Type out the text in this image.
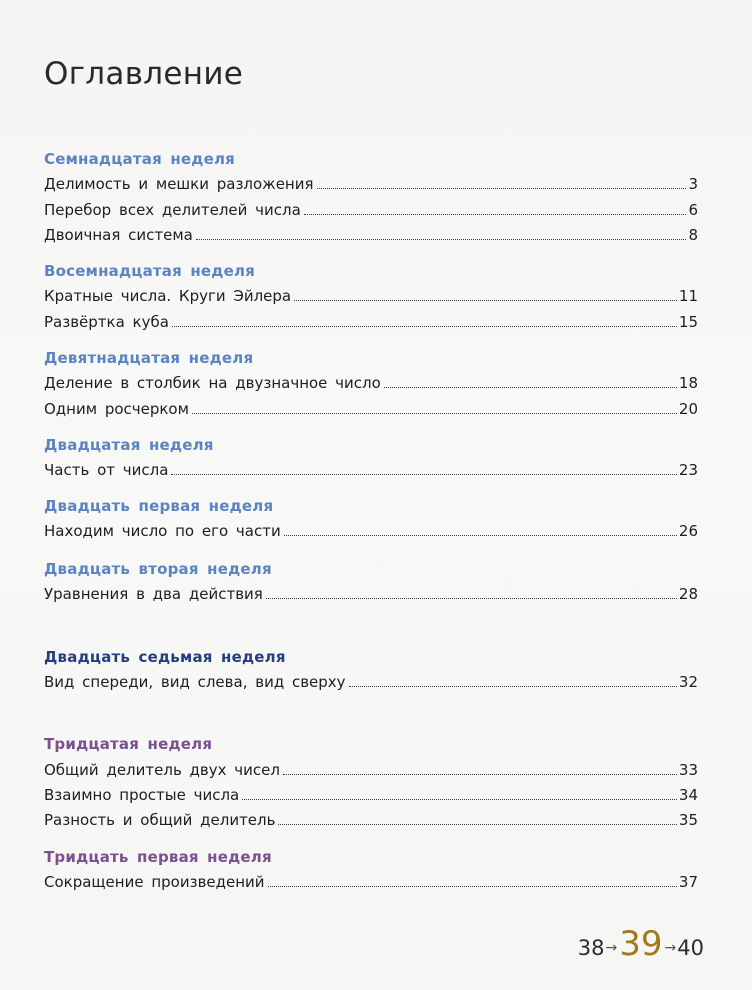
Оглавление
Семнадцатая неделя
Делимость и мешки разложения	3
Перебор всех делителей числа	6
Двоичная система	8
Восемнадцатая неделя
Кратные числа. Круги Эйлера	11
Развёртка куба	15
Девятнадцатая неделя
Деление в столбик на двузначное число	18
Одним росчерком	20
Двадцатая неделя
Часть от числа	23
Двадцать первая неделя
Находим число по его части	26
Двадцать вторая неделя
Уравнения в два действия	28
Двадцать седьмая неделя
Вид спереди, вид слева, вид сверху	32
Тридцатая неделя
Общий делитель двух чисел	33
Взаимно простые числа	34
Разность и общий делитель	35
Тридцать первая неделя
Сокращение произведений	37
38 → 39 → 40
